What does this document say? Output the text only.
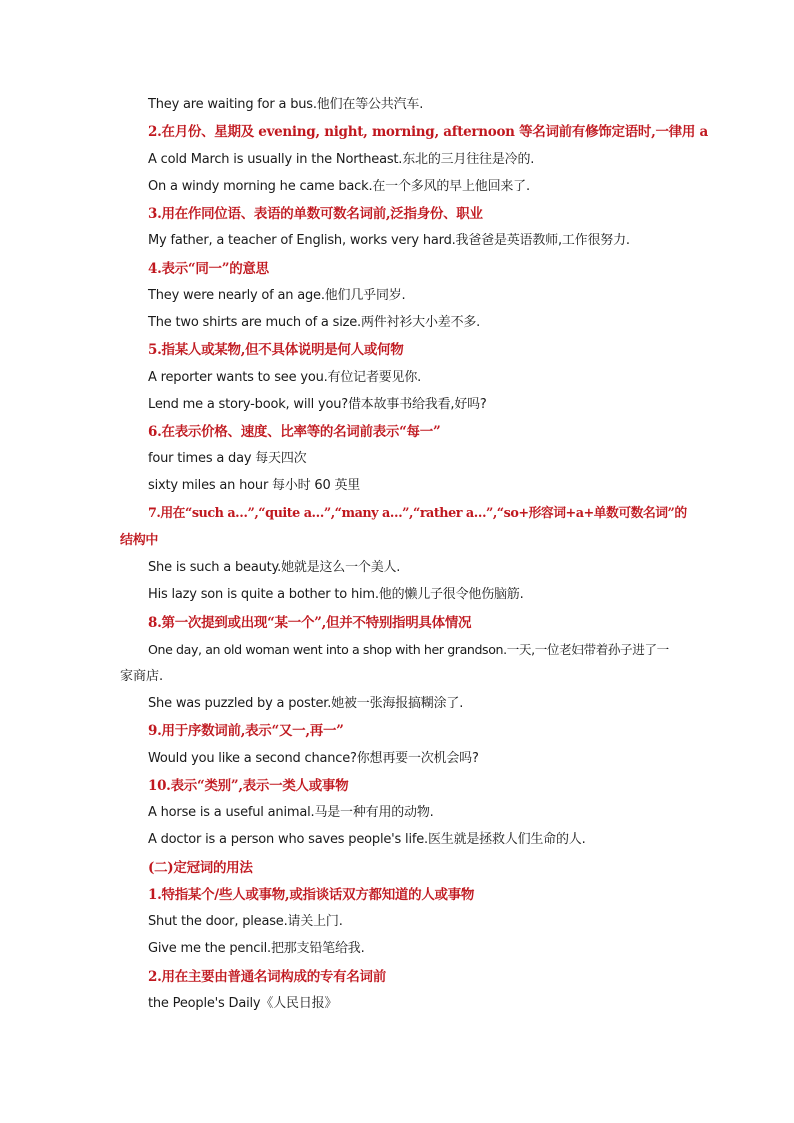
They are waiting for a bus.他们在等公共汽车.
2.在月份、星期及 evening, night, morning, afternoon 等名词前有修饰定语时,一律用 a
A cold March is usually in the Northeast.东北的三月往往是冷的.
On a windy morning he came back.在一个多风的早上他回来了.
3.用在作同位语、表语的单数可数名词前,泛指身份、职业
My father, a teacher of English, works very hard.我爸爸是英语教师,工作很努力.
4.表示“同一”的意思
They were nearly of an age.他们几乎同岁.
The two shirts are much of a size.两件衬衫大小差不多.
5.指某人或某物,但不具体说明是何人或何物
A reporter wants to see you.有位记者要见你.
Lend me a story-book, will you?借本故事书给我看,好吗?
6.在表示价格、速度、比率等的名词前表示“每一”
four times a day 每天四次
sixty miles an hour 每小时 60 英里
7.用在“such a…”,“quite a…”,“many a…”,“rather a…”,“so+形容词+a+单数可数名词”的
结构中
She is such a beauty.她就是这么一个美人.
His lazy son is quite a bother to him.他的懒儿子很令他伤脑筋.
8.第一次提到或出现“某一个”,但并不特别指明具体情况
One day, an old woman went into a shop with her grandson.一天,一位老妇带着孙子进了一
家商店.
She was puzzled by a poster.她被一张海报搞糊涂了.
9.用于序数词前,表示“又一,再一”
Would you like a second chance?你想再要一次机会吗?
10.表示“类别”,表示一类人或事物
A horse is a useful animal.马是一种有用的动物.
A doctor is a person who saves people's life.医生就是拯救人们生命的人.
(二)定冠词的用法
1.特指某个/些人或事物,或指谈话双方都知道的人或事物
Shut the door, please.请关上门.
Give me the pencil.把那支铅笔给我.
2.用在主要由普通名词构成的专有名词前
the People's Daily《人民日报》
